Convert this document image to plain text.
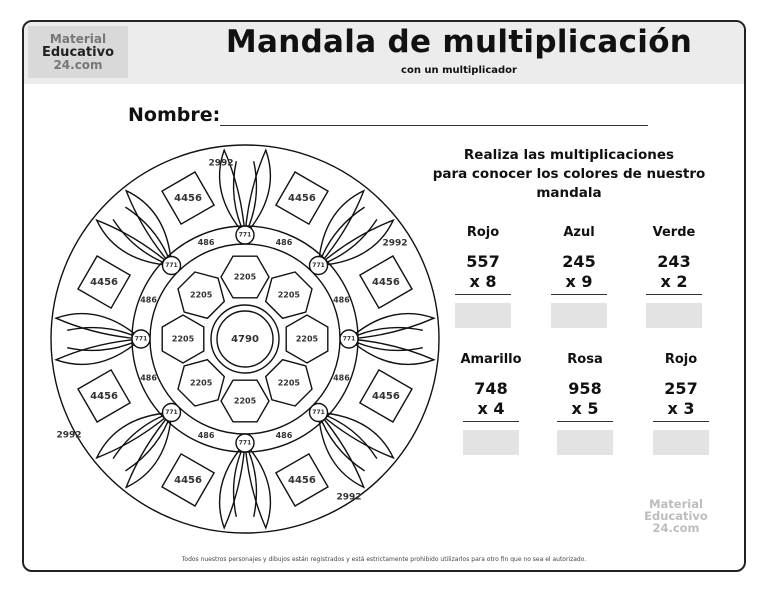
Material
Educativo
24.com
Mandala de multiplicación
con un multiplicador
Nombre:
Realiza las multiplicaciones
para conocer los colores de nuestro mandala
Rojo
557
x 8
Azul
245
x 9
Verde
243
x 2
Amarillo
748
x 4
Rosa
958
x 5
Rojo
257
x 3
Material
Educativo
24.com
Todos nuestros personajes y dibujos están registrados y está estrictamente prohibido utilizarlos para otro fin que no sea el autorizado.
4790
2205
2205
2205
2205
2205
2205
2205
2205
486	486
486
486
486
486
486
486
771
771
771
771
771
771
771
771
4456	4456
4456
4456
4456
4456
4456
4456
2992
2992
2992
2992
